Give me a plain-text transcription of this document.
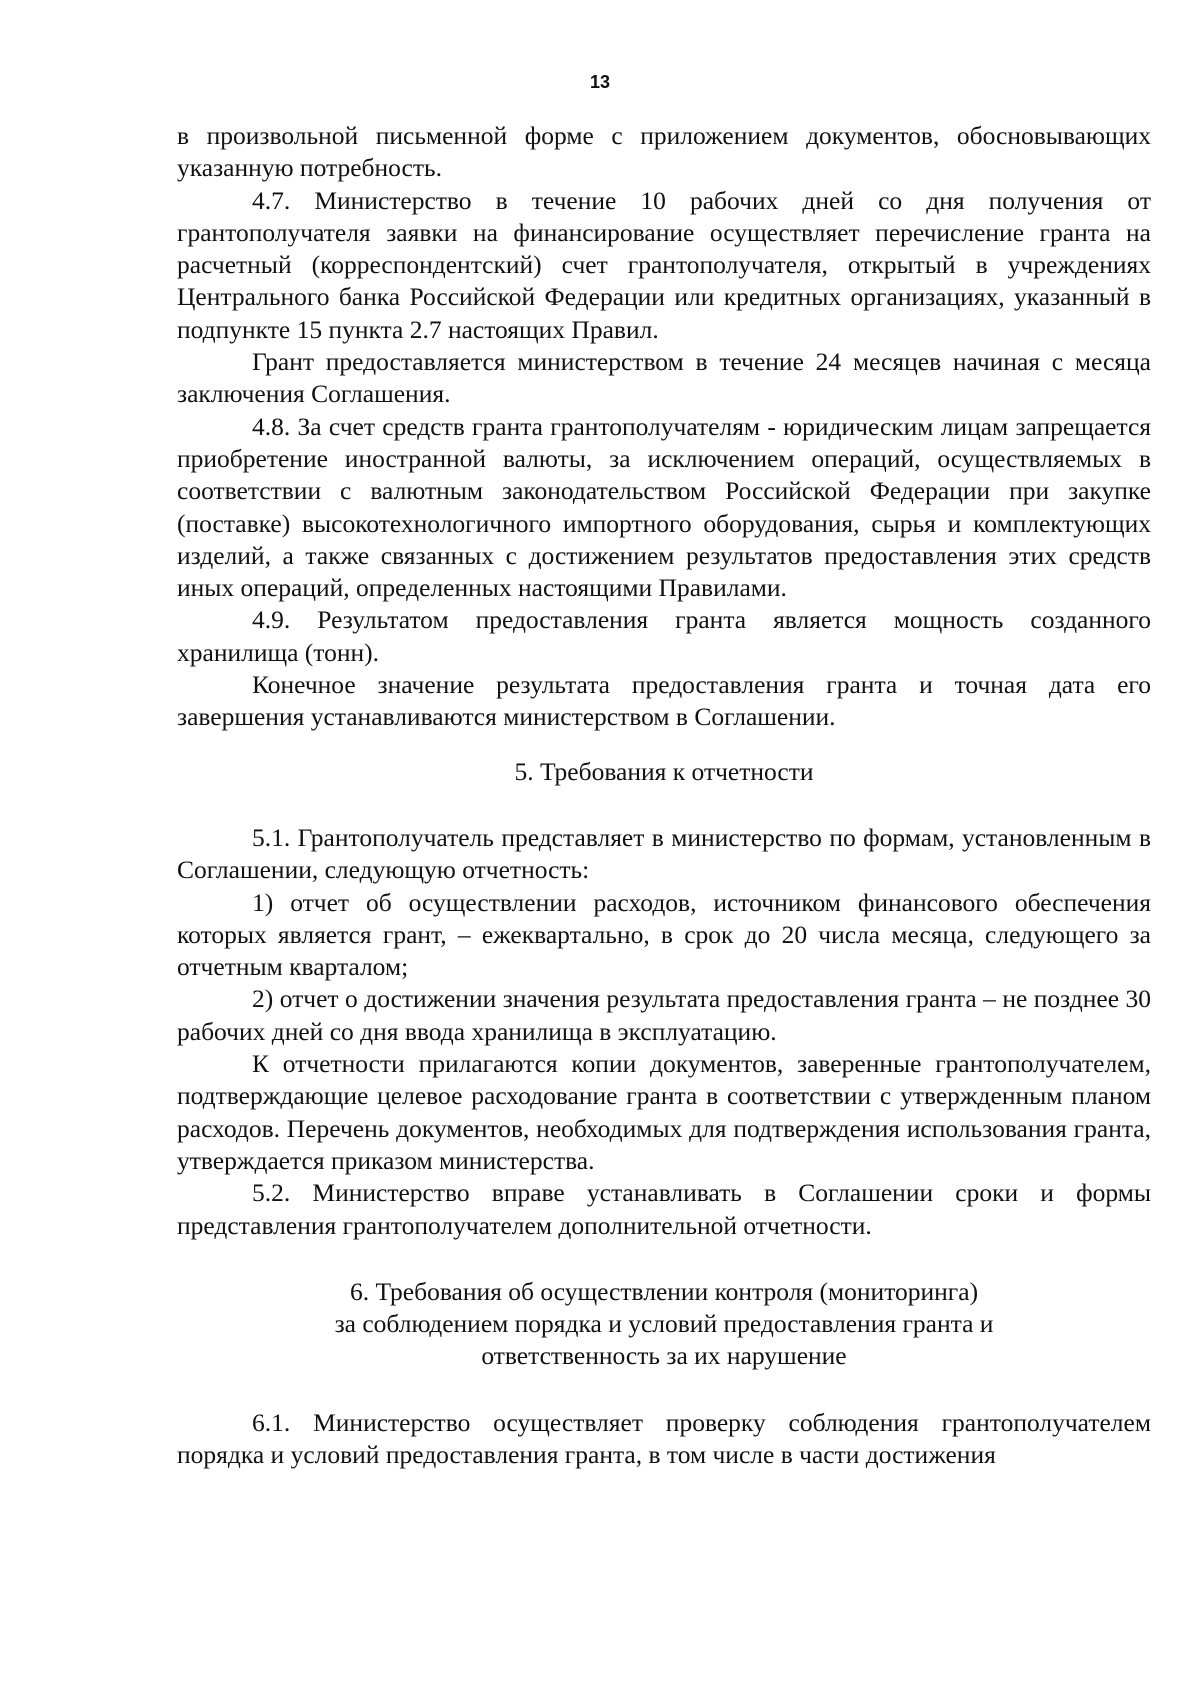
13

в произвольной письменной форме с приложением документов, обосновывающих указанную потребность.

4.7. Министерство в течение 10 рабочих дней со дня получения от грантополучателя заявки на финансирование осуществляет перечисление гранта на расчетный (корреспондентский) счет грантополучателя, открытый в учреждениях Центрального банка Российской Федерации или кредитных организациях, указанный в подпункте 15 пункта 2.7 настоящих Правил.

Грант предоставляется министерством в течение 24 месяцев начиная с месяца заключения Соглашения.

4.8. За счет средств гранта грантополучателям - юридическим лицам запрещается приобретение иностранной валюты, за исключением операций, осуществляемых в соответствии с валютным законодательством Российской Федерации при закупке (поставке) высокотехнологичного импортного оборудования, сырья и комплектующих изделий, а также связанных с достижением результатов предоставления этих средств иных операций, определенных настоящими Правилами.

4.9. Результатом предоставления гранта является мощность созданного хранилища (тонн).

Конечное значение результата предоставления гранта и точная дата его завершения устанавливаются министерством в Соглашении.

5. Требования к отчетности

5.1. Грантополучатель представляет в министерство по формам, установленным в Соглашении, следующую отчетность:

1) отчет об осуществлении расходов, источником финансового обеспечения которых является грант, – ежеквартально, в срок до 20 числа месяца, следующего за отчетным кварталом;

2) отчет о достижении значения результата предоставления гранта – не позднее 30 рабочих дней со дня ввода хранилища в эксплуатацию.

К отчетности прилагаются копии документов, заверенные грантополучателем, подтверждающие целевое расходование гранта в соответствии с утвержденным планом расходов. Перечень документов, необходимых для подтверждения использования гранта, утверждается приказом министерства.

5.2. Министерство вправе устанавливать в Соглашении сроки и формы представления грантополучателем дополнительной отчетности.

6. Требования об осуществлении контроля (мониторинга)
за соблюдением порядка и условий предоставления гранта и
ответственность за их нарушение

6.1. Министерство осуществляет проверку соблюдения грантополучателем порядка и условий предоставления гранта, в том числе в части достижения
